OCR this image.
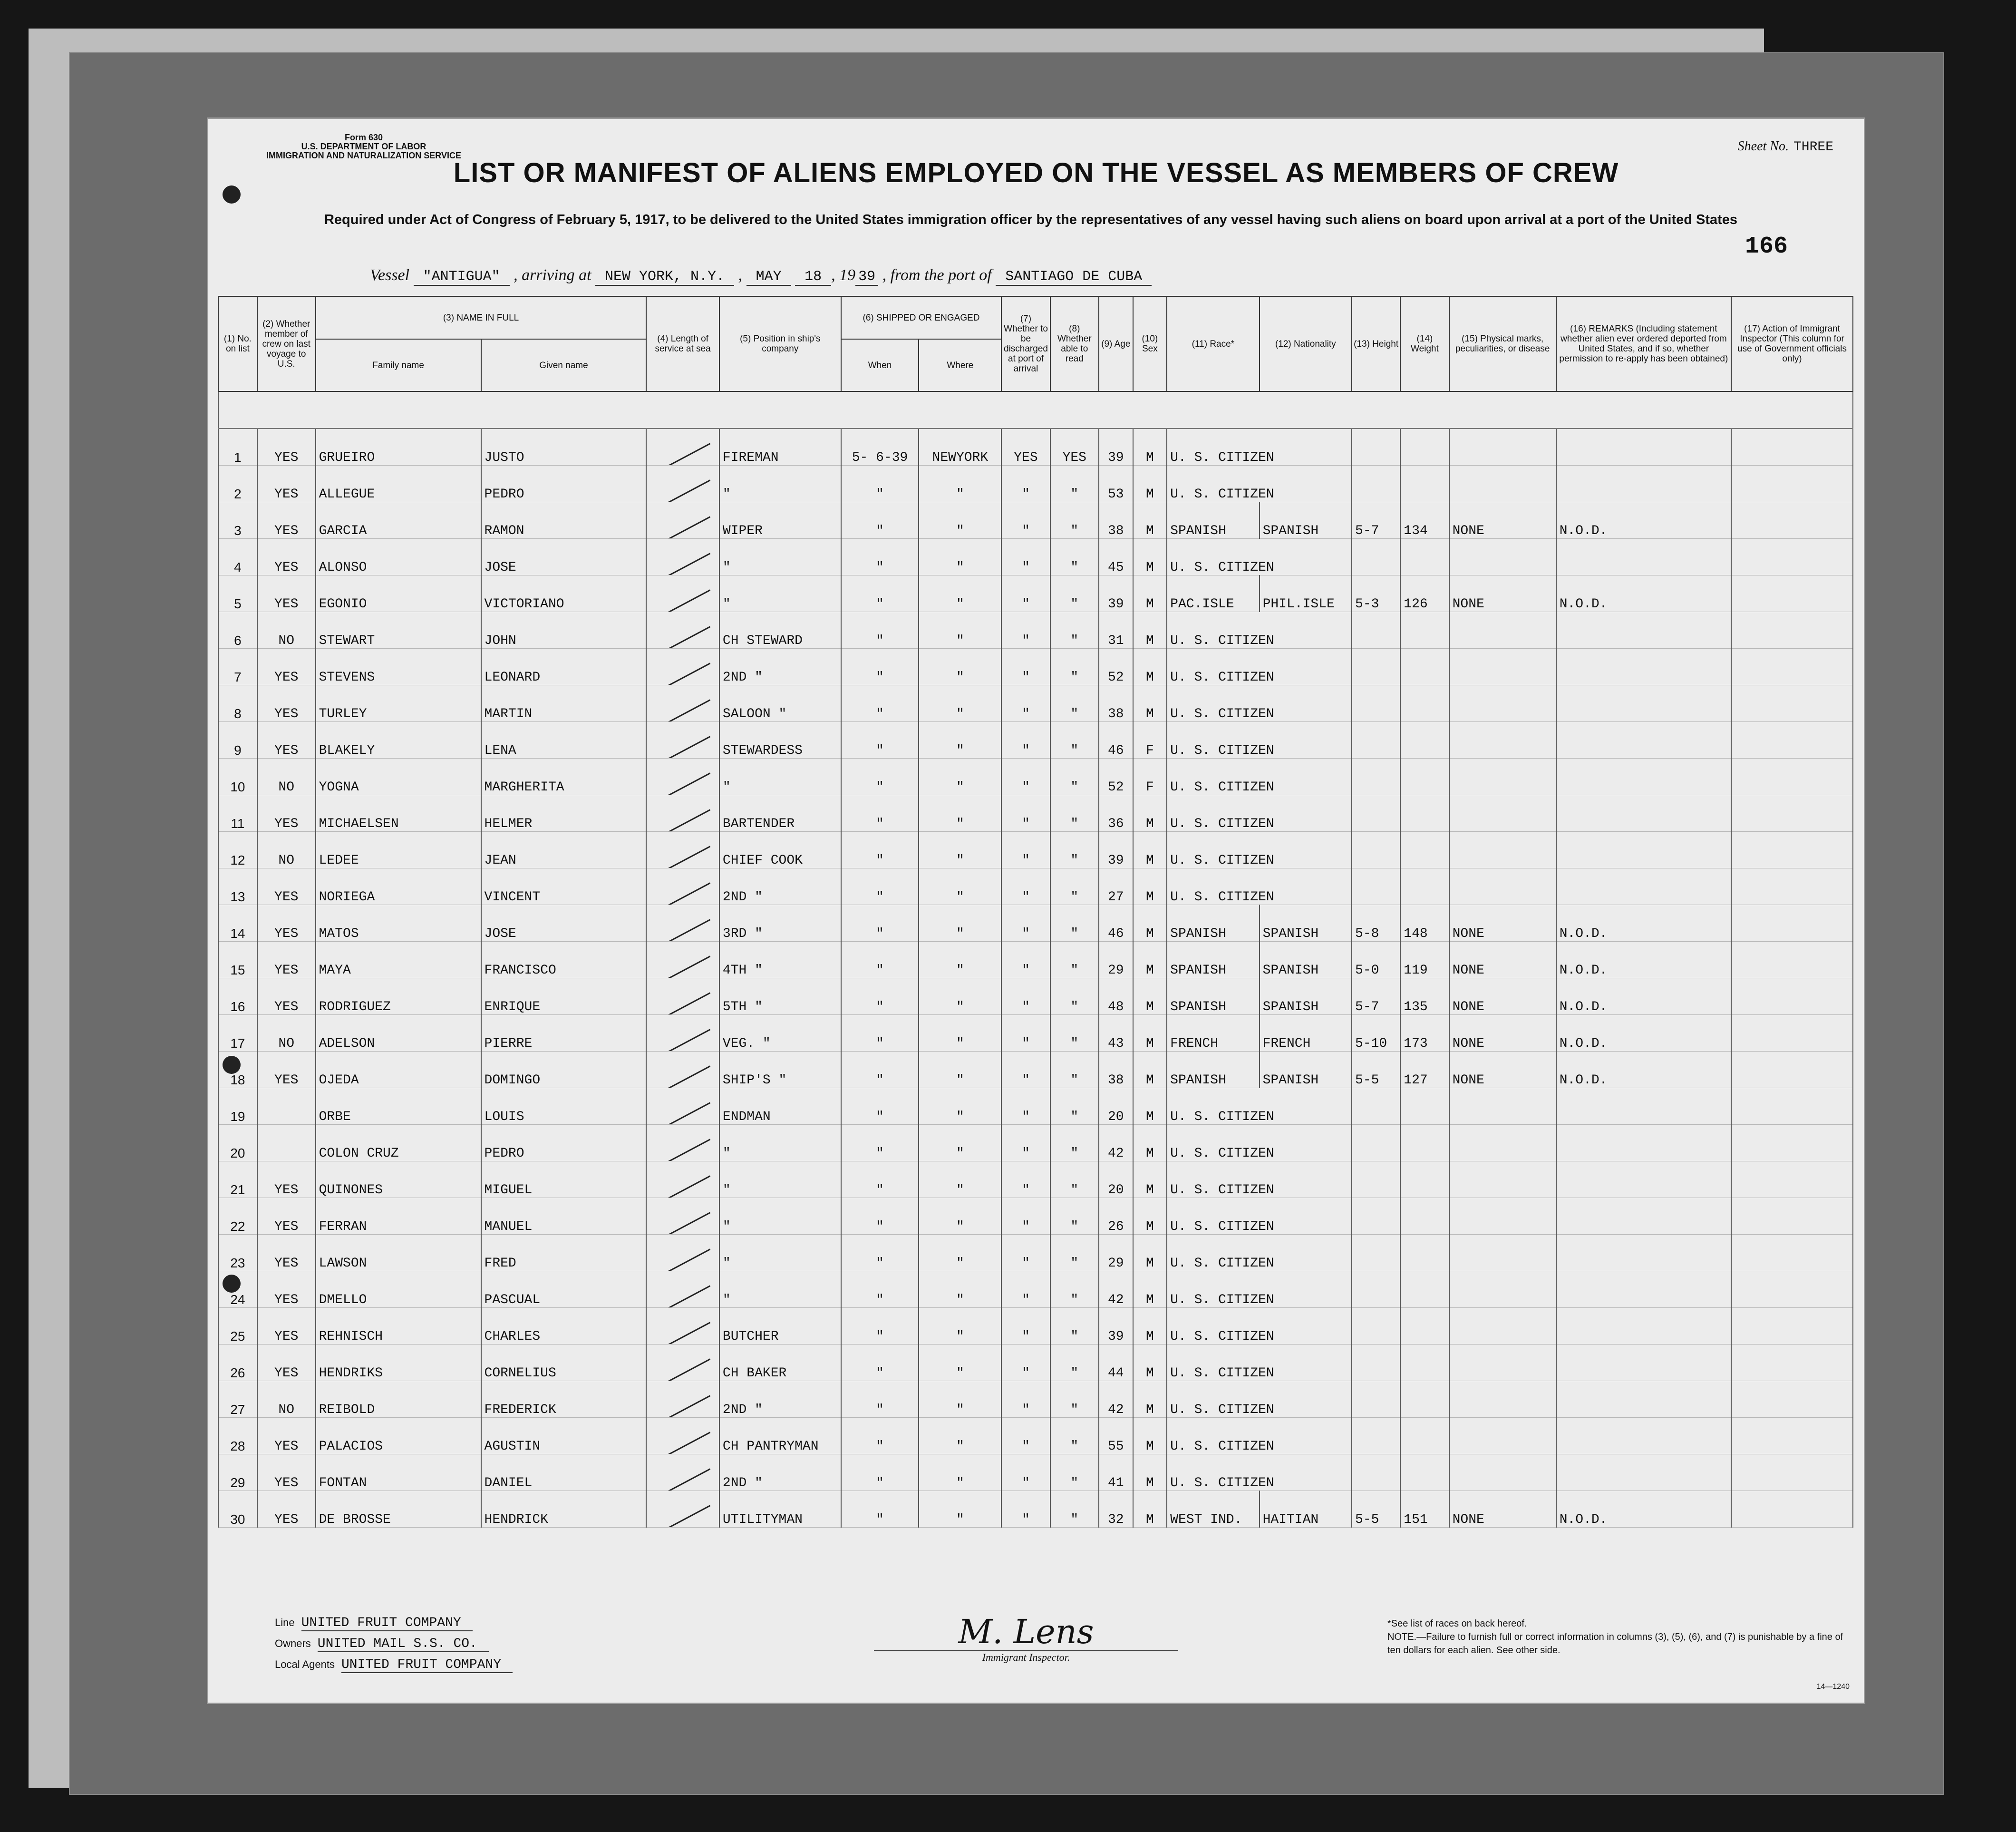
Form 630
U.S. DEPARTMENT OF LABOR
IMMIGRATION AND NATURALIZATION SERVICE
Sheet No. THREE
LIST OR MANIFEST OF ALIENS EMPLOYED ON THE VESSEL AS MEMBERS OF CREW
Required under Act of Congress of February 5, 1917, to be delivered to the United States immigration officer by the representatives of any vessel having such aliens on board upon arrival at a port of the United States
166
Vessel "ANTIGUA" , arriving at NEW YORK, N.Y. , MAY 18 , 19 39 , from the port of SANTIAGO DE CUBA
(1) No. on list	(2) Whether member of crew on last voyage to U.S.	(3) NAME IN FULL		(4) Length of service at sea	(5) Position in ship's company	(6) SHIPPED OR ENGAGED		(7) Whether to be discharged at port of arrival	(8) Whether able to read	(9) Age	(10) Sex	(11) Race*	(12) Nationality	(13) Height	(14) Weight	(15) Physical marks, peculiarities, or disease	(16) REMARKS (Including statement whether alien ever ordered deported from United States, and if so, whether permission to re-apply has been obtained)	(17) Action of Immigrant Inspector (This column for use of Government officials only)
		Family name	Given name			When	Where											

1	YES	GRUEIRO	JUSTO		FIREMAN	5- 6-39	NEWYORK	YES	YES	39	M	U. S. CITIZEN						
2	YES	ALLEGUE	PEDRO		"	"	"	"	"	53	M	U. S. CITIZEN						
3	YES	GARCIA	RAMON		WIPER	"	"	"	"	38	M	SPANISH	SPANISH	5-7	134	NONE	N.O.D.	
4	YES	ALONSO	JOSE		"	"	"	"	"	45	M	U. S. CITIZEN						
5	YES	EGONIO	VICTORIANO		"	"	"	"	"	39	M	PAC.ISLE	PHIL.ISLE	5-3	126	NONE	N.O.D.	
6	NO	STEWART	JOHN		CH STEWARD	"	"	"	"	31	M	U. S. CITIZEN						
7	YES	STEVENS	LEONARD		2ND "	"	"	"	"	52	M	U. S. CITIZEN						
8	YES	TURLEY	MARTIN		SALOON "	"	"	"	"	38	M	U. S. CITIZEN						
9	YES	BLAKELY	LENA		STEWARDESS	"	"	"	"	46	F	U. S. CITIZEN						
10	NO	YOGNA	MARGHERITA		"	"	"	"	"	52	F	U. S. CITIZEN						
11	YES	MICHAELSEN	HELMER		BARTENDER	"	"	"	"	36	M	U. S. CITIZEN						
12	NO	LEDEE	JEAN		CHIEF COOK	"	"	"	"	39	M	U. S. CITIZEN						
13	YES	NORIEGA	VINCENT		2ND "	"	"	"	"	27	M	U. S. CITIZEN						
14	YES	MATOS	JOSE		3RD "	"	"	"	"	46	M	SPANISH	SPANISH	5-8	148	NONE	N.O.D.	
15	YES	MAYA	FRANCISCO		4TH "	"	"	"	"	29	M	SPANISH	SPANISH	5-0	119	NONE	N.O.D.	
16	YES	RODRIGUEZ	ENRIQUE		5TH "	"	"	"	"	48	M	SPANISH	SPANISH	5-7	135	NONE	N.O.D.	
17	NO	ADELSON	PIERRE		VEG. "	"	"	"	"	43	M	FRENCH	FRENCH	5-10	173	NONE	N.O.D.	
18	YES	OJEDA	DOMINGO		SHIP'S "	"	"	"	"	38	M	SPANISH	SPANISH	5-5	127	NONE	N.O.D.	
19		ORBE	LOUIS		ENDMAN	"	"	"	"	20	M	U. S. CITIZEN						
20		COLON CRUZ	PEDRO		"	"	"	"	"	42	M	U. S. CITIZEN						
21	YES	QUINONES	MIGUEL		"	"	"	"	"	20	M	U. S. CITIZEN						
22	YES	FERRAN	MANUEL		"	"	"	"	"	26	M	U. S. CITIZEN						
23	YES	LAWSON	FRED		"	"	"	"	"	29	M	U. S. CITIZEN						
24	YES	DMELLO	PASCUAL		"	"	"	"	"	42	M	U. S. CITIZEN						
25	YES	REHNISCH	CHARLES		BUTCHER	"	"	"	"	39	M	U. S. CITIZEN						
26	YES	HENDRIKS	CORNELIUS		CH BAKER	"	"	"	"	44	M	U. S. CITIZEN						
27	NO	REIBOLD	FREDERICK		2ND "	"	"	"	"	42	M	U. S. CITIZEN						
28	YES	PALACIOS	AGUSTIN		CH PANTRYMAN	"	"	"	"	55	M	U. S. CITIZEN						
29	YES	FONTAN	DANIEL		2ND "	"	"	"	"	41	M	U. S. CITIZEN						
30	YES	DE BROSSE	HENDRICK		UTILITYMAN	"	"	"	"	32	M	WEST IND.	HAITIAN	5-5	151	NONE	N.O.D.	
Line UNITED FRUIT COMPANY
Owners UNITED MAIL S.S. CO.
Local Agents UNITED FRUIT COMPANY
M. Lens
Immigrant Inspector.
*See list of races on back hereof.
NOTE.—Failure to furnish full or correct information in columns (3), (5), (6), and (7) is punishable by a fine of ten dollars for each alien. See other side.
14—1240
